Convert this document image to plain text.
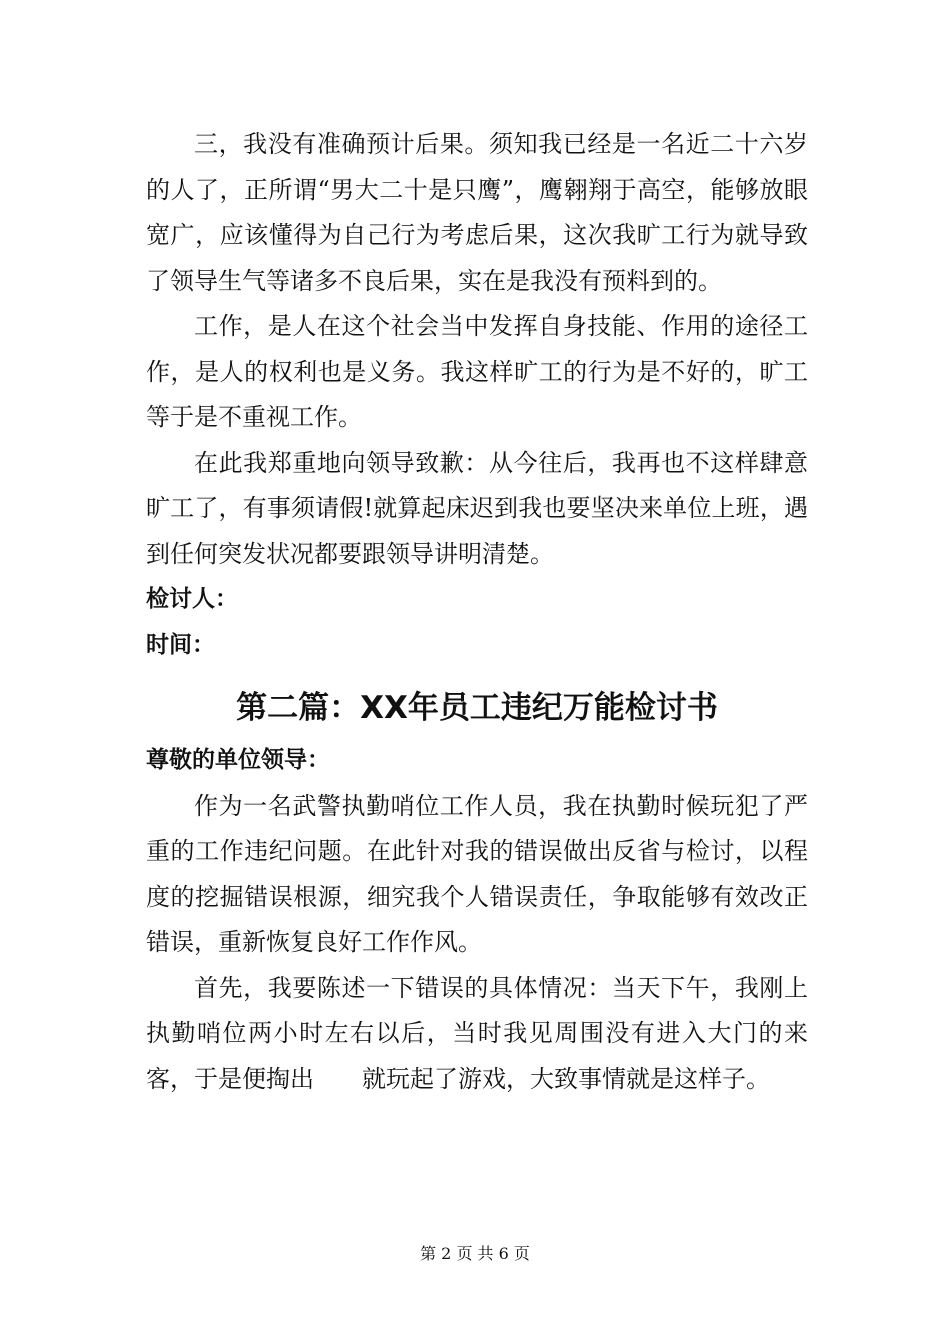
三，我没有准确预计后果。须知我已经是一名近二十六岁的人了，正所谓“男大二十是只鹰”，鹰翱翔于高空，能够放眼宽广，应该懂得为自己行为考虑后果，这次我旷工行为就导致了领导生气等诸多不良后果，实在是我没有预料到的。

工作，是人在这个社会当中发挥自身技能、作用的途径工作，是人的权利也是义务。我这样旷工的行为是不好的，旷工等于是不重视工作。

在此我郑重地向领导致歉：从今往后，我再也不这样肆意旷工了，有事须请假!就算起床迟到我也要坚决来单位上班，遇到任何突发状况都要跟领导讲明清楚。

检讨人：

时间：

第二篇：XX年员工违纪万能检讨书

尊敬的单位领导：

作为一名武警执勤哨位工作人员，我在执勤时候玩犯了严重的工作违纪问题。在此针对我的错误做出反省与检讨，以程度的挖掘错误根源，细究我个人错误责任，争取能够有效改正错误，重新恢复良好工作作风。

首先，我要陈述一下错误的具体情况：当天下午，我刚上执勤哨位两小时左右以后，当时我见周围没有进入大门的来客，于是便掏出　　就玩起了游戏，大致事情就是这样子。

第 2 页 共 6 页
